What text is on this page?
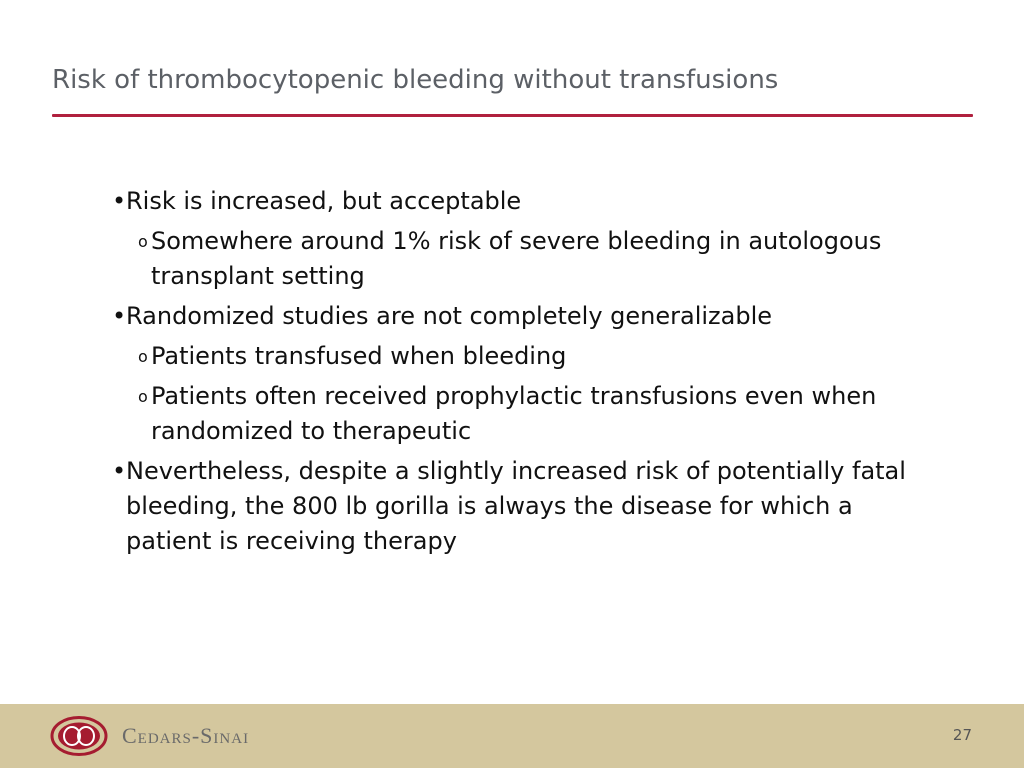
Risk of thrombocytopenic bleeding without transfusions
• Risk is increased, but acceptable
o Somewhere around 1% risk of severe bleeding in autologous transplant setting
• Randomized studies are not completely generalizable
o Patients transfused when bleeding
o Patients often received prophylactic transfusions even when randomized to therapeutic
• Nevertheless, despite a slightly increased risk of potentially fatal bleeding, the 800 lb gorilla is always the disease for which a patient is receiving therapy
Cedars-Sinai	27
